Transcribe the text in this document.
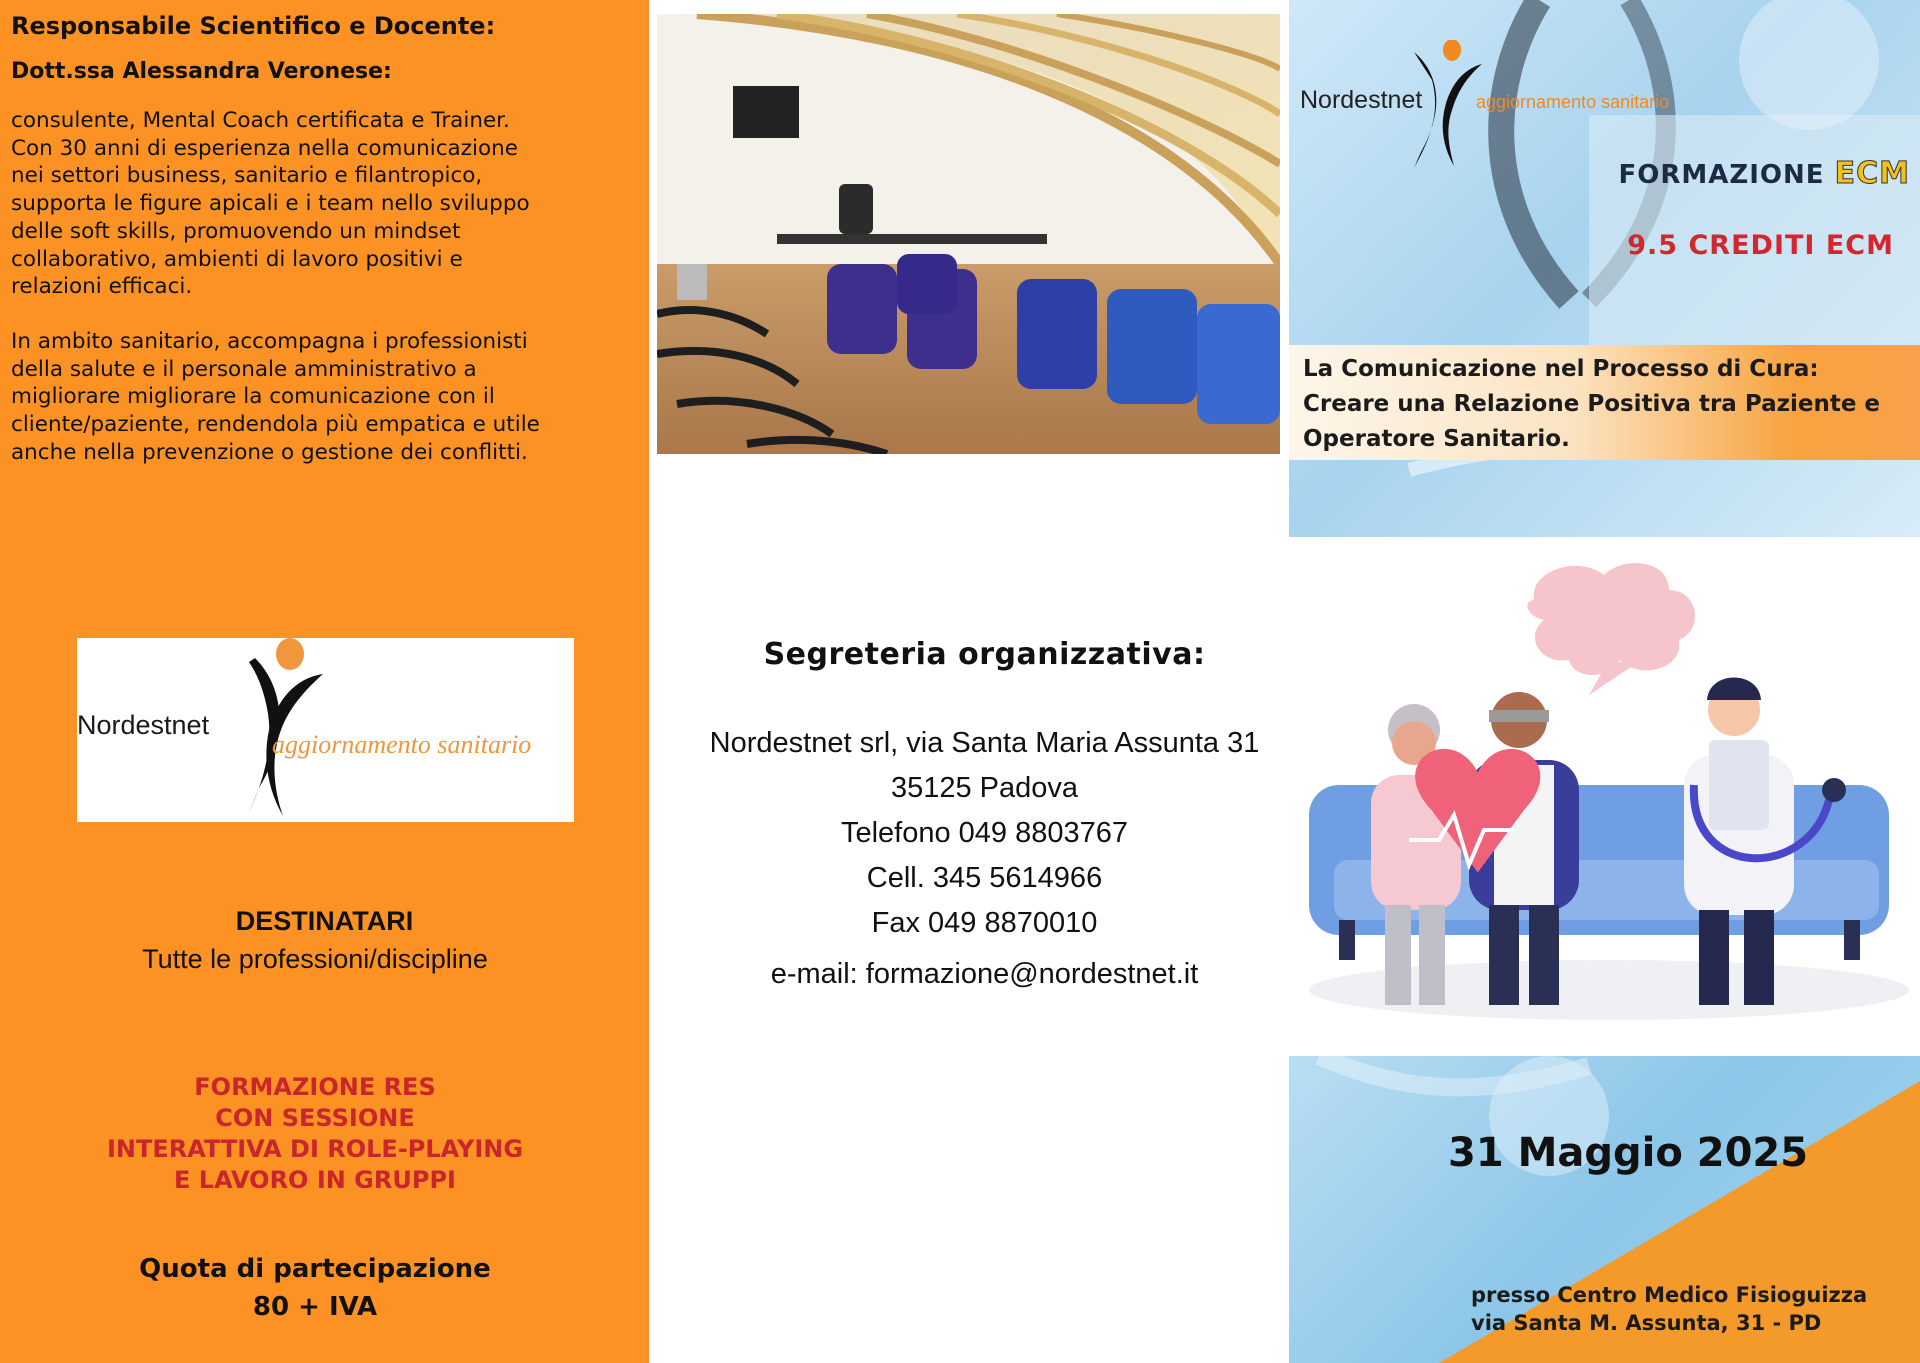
Responsabile Scientifico e Docente:
Dott.ssa Alessandra Veronese:

consulente, Mental Coach certificata e Trainer.
Con 30 anni di esperienza nella comunicazione
nei settori business, sanitario e filantropico,
supporta le figure apicali e i team nello sviluppo
delle soft skills, promuovendo un mindset
collaborativo, ambienti di lavoro positivi e
relazioni efficaci.

In ambito sanitario, accompagna i professionisti
della salute e il personale amministrativo a
migliorare migliorare la comunicazione con il
cliente/paziente, rendendola più empatica e utile
anche nella prevenzione o gestione dei conflitti.

Nordestnet
aggiornamento sanitario
DESTINATARI
Tutte le professioni/discipline
FORMAZIONE RES
CON SESSIONE
INTERATTIVA DI ROLE-PLAYING
E LAVORO IN GRUPPI
Quota di partecipazione
80 + IVA
Segreteria organizzativa:
Nordestnet srl, via Santa Maria Assunta 31
35125 Padova
Telefono 049 8803767
Cell. 345 5614966
Fax 049 8870010
e-mail: formazione@nordestnet.it
Nordestnet	aggiornamento sanitario
FORMAZIONE ECM
9.5 CREDITI ECM
La Comunicazione nel Processo di Cura:
Creare una Relazione Positiva tra Paziente e
Operatore Sanitario.
31 Maggio 2025
presso Centro Medico Fisioguizza
via Santa M. Assunta, 31 - PD
